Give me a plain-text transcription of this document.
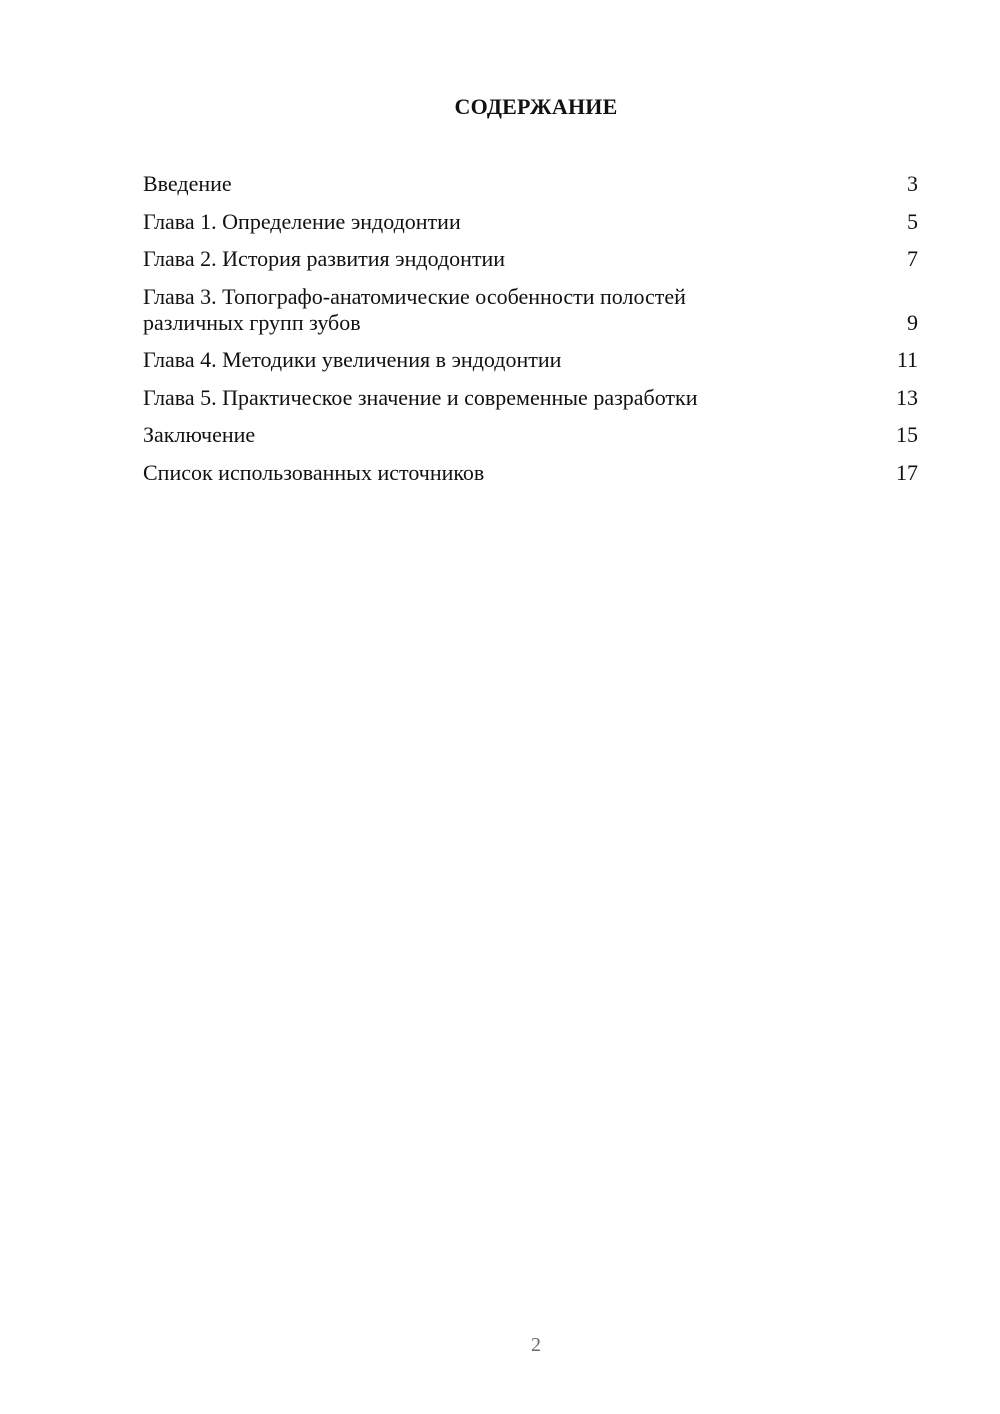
СОДЕРЖАНИЕ
Введение	3
Глава 1. Определение эндодонтии	5
Глава 2. История развития эндодонтии	7
Глава 3. Топографо-анатомические особенности полостей
различных групп зубов	9
Глава 4. Методики увеличения в эндодонтии	11
Глава 5. Практическое значение и современные разработки	13
Заключение	15
Список использованных источников	17
2
